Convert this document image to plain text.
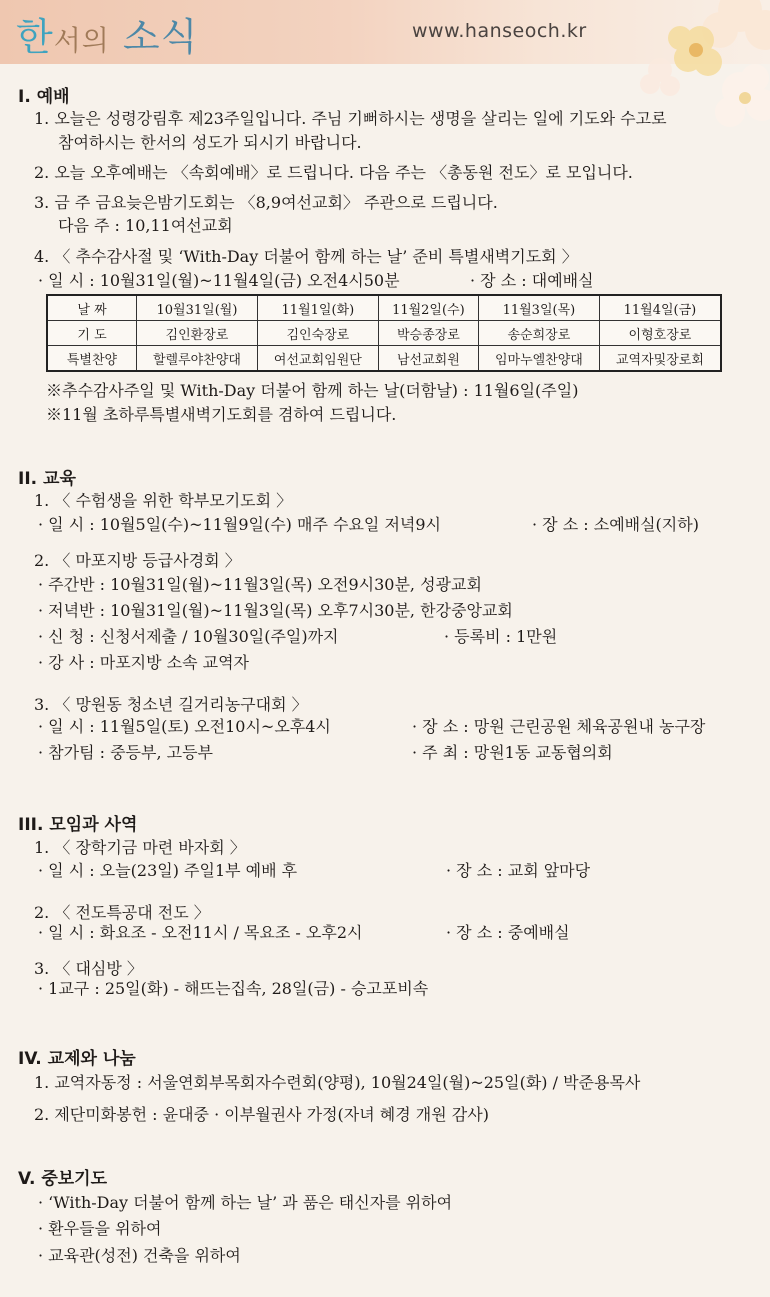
한서의 소식	www.hanseoch.kr
I. 예배
1. 오늘은 성령강림후 제23주일입니다. 주님 기뻐하시는 생명을 살리는 일에 기도와 수고로
참여하시는 한서의 성도가 되시기 바랍니다.
2. 오늘 오후예배는 〈속회예배〉로 드립니다. 다음 주는 〈총동원 전도〉로 모입니다.
3. 금 주 금요늦은밤기도회는 〈8,9여선교회〉 주관으로 드립니다.
다음 주 : 10,11여선교회
4. 〈 추수감사절 및 ‘With-Day 더불어 함께 하는 날’ 준비 특별새벽기도회 〉
· 일 시 : 10월31일(월)~11월4일(금) 오전4시50분	· 장 소 : 대예배실
날 짜	10월31일(월)	11월1일(화)	11월2일(수)	11월3일(목)	11월4일(금)
기 도	김인환장로	김인숙장로	박승종장로	송순희장로	이형호장로
특별찬양	할렐루야찬양대	여선교회임원단	남선교회원	임마누엘찬양대	교역자및장로회
※추수감사주일 및 With-Day 더불어 함께 하는 날(더함날) : 11월6일(주일)
※11월 초하루특별새벽기도회를 겸하여 드립니다.
II. 교육
1. 〈 수험생을 위한 학부모기도회 〉
· 일 시 : 10월5일(수)~11월9일(수) 매주 수요일 저녁9시	· 장 소 : 소예배실(지하)
2. 〈 마포지방 등급사경회 〉
· 주간반 : 10월31일(월)~11월3일(목) 오전9시30분, 성광교회
· 저녁반 : 10월31일(월)~11월3일(목) 오후7시30분, 한강중앙교회
· 신 청 : 신청서제출 / 10월30일(주일)까지	· 등록비 : 1만원
· 강 사 : 마포지방 소속 교역자
3. 〈 망원동 청소년 길거리농구대회 〉
· 일 시 : 11월5일(토) 오전10시~오후4시	· 장 소 : 망원 근린공원 체육공원내 농구장
· 참가팀 : 중등부, 고등부	· 주 최 : 망원1동 교동협의회
III. 모임과 사역
1. 〈 장학기금 마련 바자회 〉
· 일 시 : 오늘(23일) 주일1부 예배 후	· 장 소 : 교회 앞마당
2. 〈 전도특공대 전도 〉
· 일 시 : 화요조 - 오전11시 / 목요조 - 오후2시	· 장 소 : 중예배실
3. 〈 대심방 〉
· 1교구 : 25일(화) - 해뜨는집속, 28일(금) - 승고포비속
IV. 교제와 나눔
1. 교역자동정 : 서울연회부목회자수련회(양평), 10월24일(월)~25일(화) / 박준용목사
2. 제단미화봉헌 : 윤대중 · 이부월권사 가정(자녀 혜경 개원 감사)
V. 중보기도
· ‘With-Day 더불어 함께 하는 날’ 과 품은 태신자를 위하여
· 환우들을 위하여
· 교육관(성전) 건축을 위하여
